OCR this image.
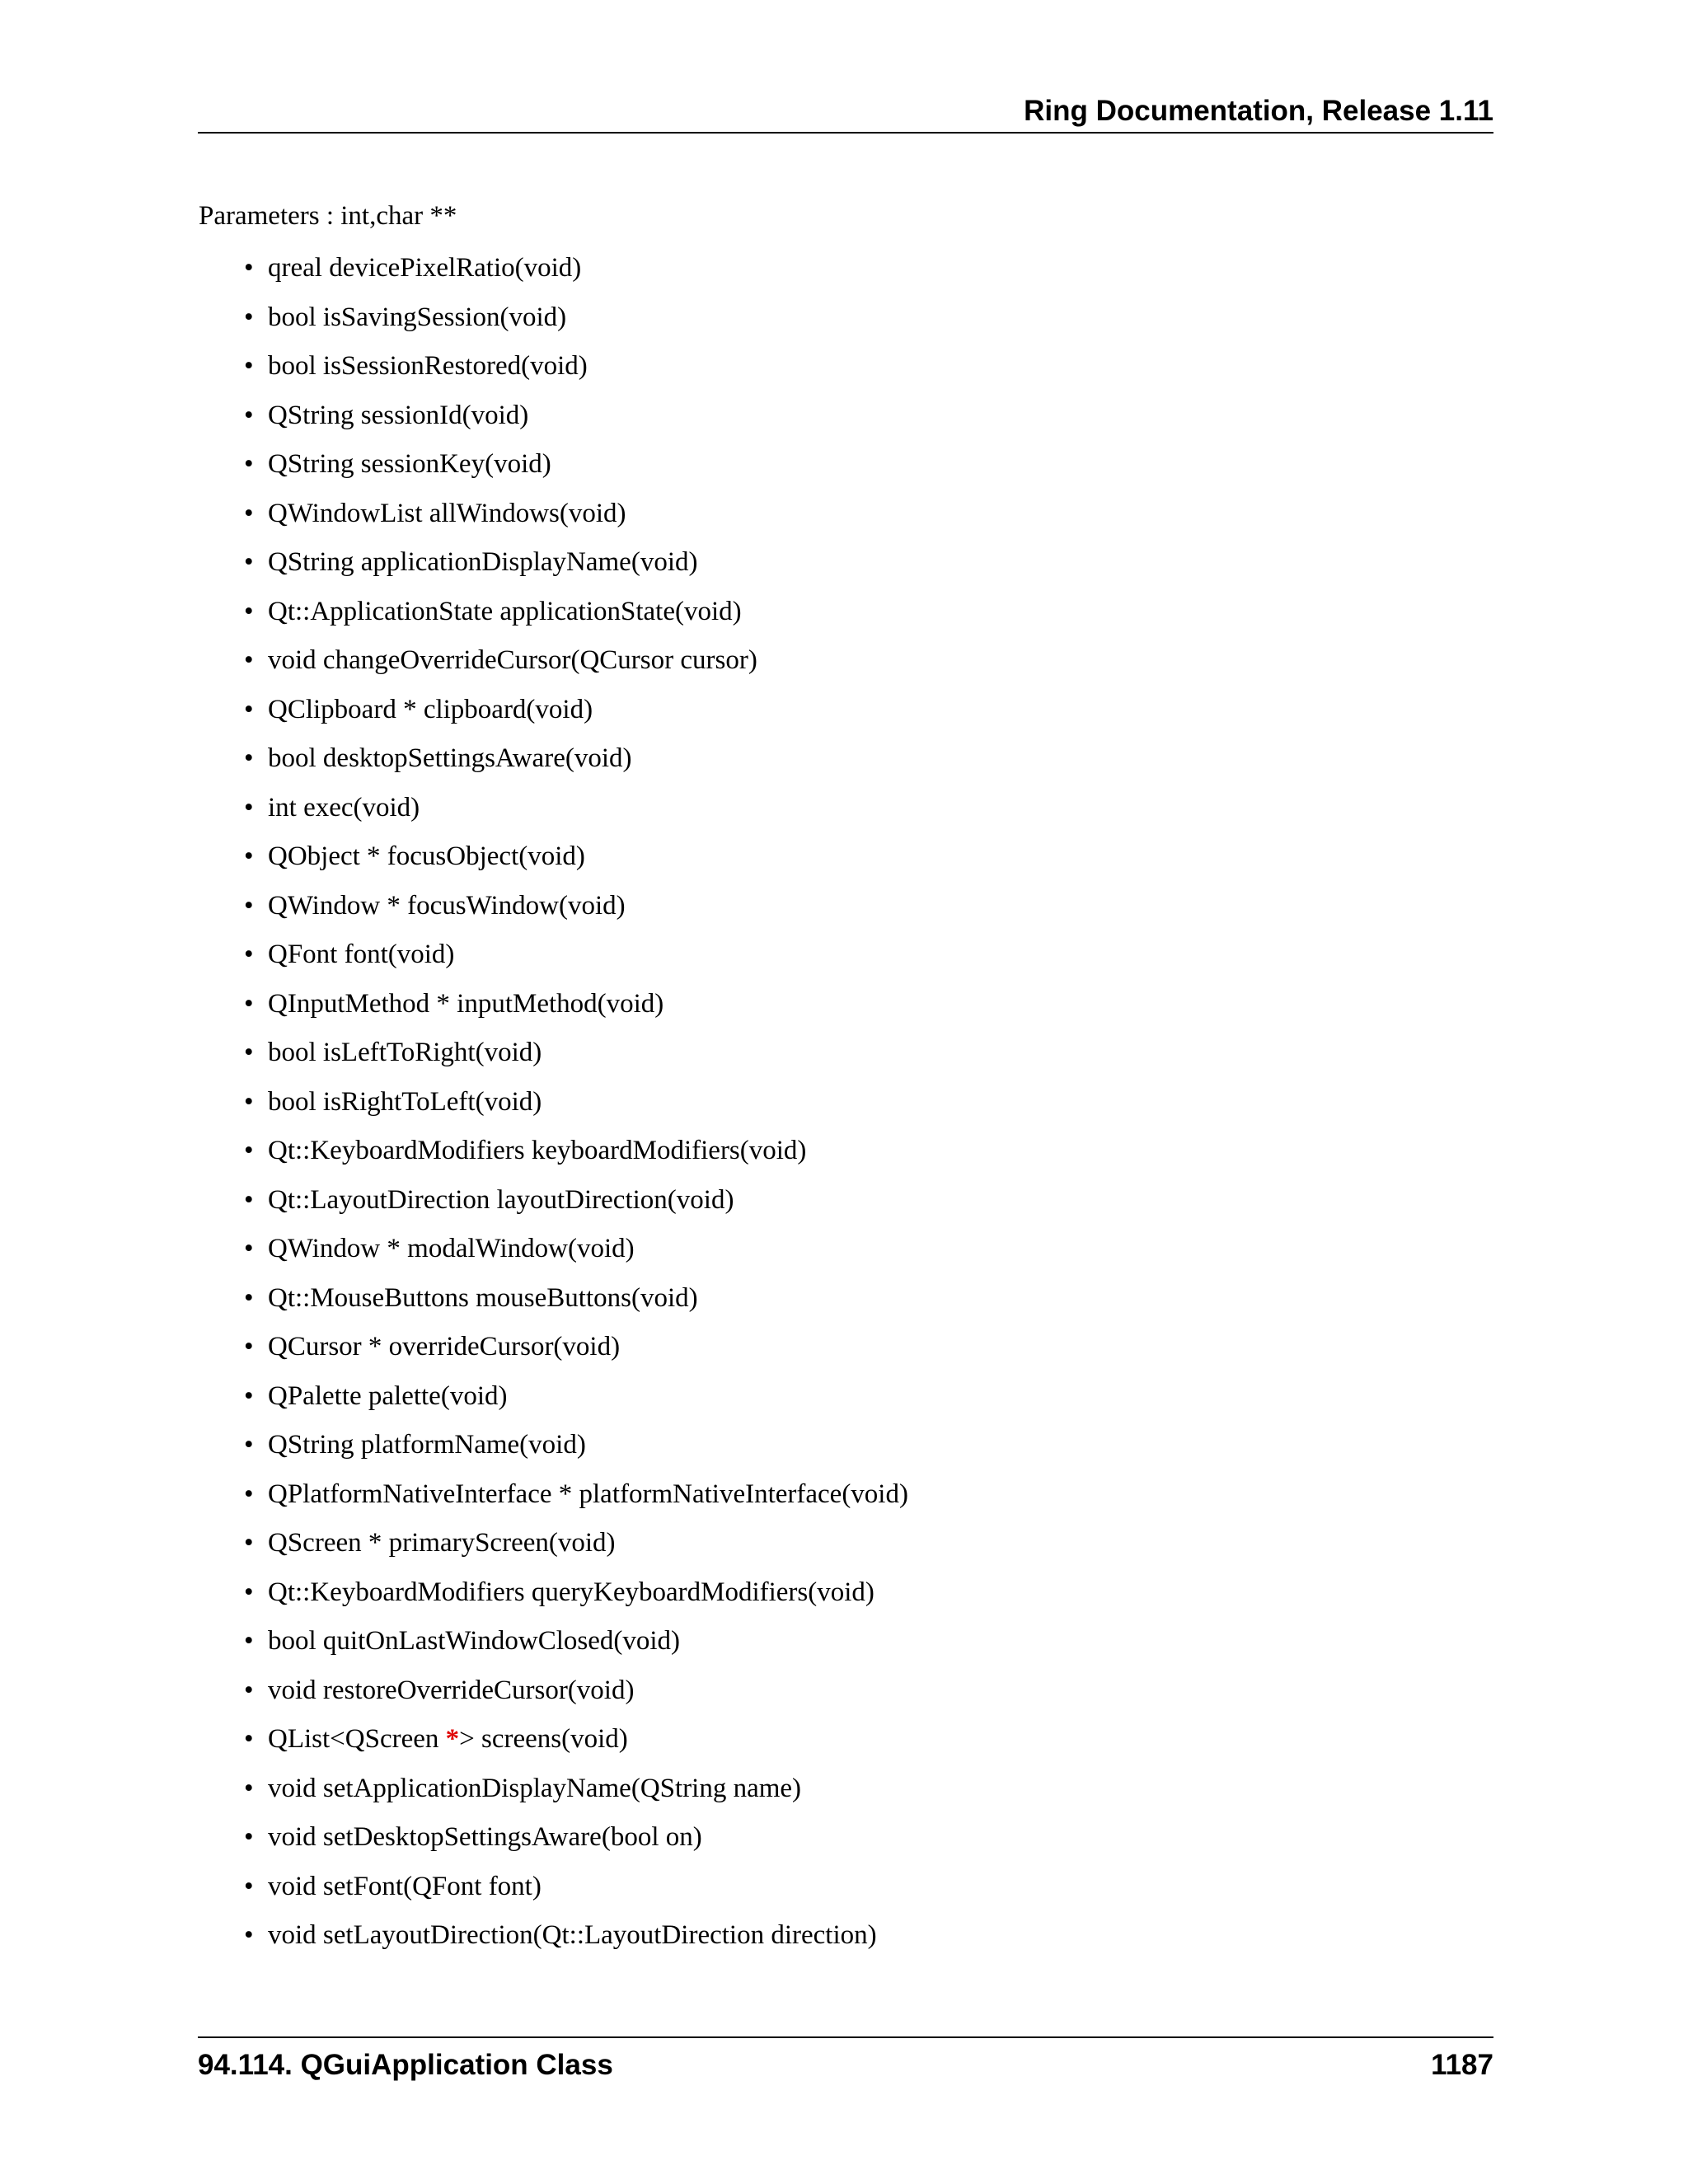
Ring Documentation, Release 1.11
Parameters : int,char **
• qreal devicePixelRatio(void)
• bool isSavingSession(void)
• bool isSessionRestored(void)
• QString sessionId(void)
• QString sessionKey(void)
• QWindowList allWindows(void)
• QString applicationDisplayName(void)
• Qt::ApplicationState applicationState(void)
• void changeOverrideCursor(QCursor cursor)
• QClipboard * clipboard(void)
• bool desktopSettingsAware(void)
• int exec(void)
• QObject * focusObject(void)
• QWindow * focusWindow(void)
• QFont font(void)
• QInputMethod * inputMethod(void)
• bool isLeftToRight(void)
• bool isRightToLeft(void)
• Qt::KeyboardModifiers keyboardModifiers(void)
• Qt::LayoutDirection layoutDirection(void)
• QWindow * modalWindow(void)
• Qt::MouseButtons mouseButtons(void)
• QCursor * overrideCursor(void)
• QPalette palette(void)
• QString platformName(void)
• QPlatformNativeInterface * platformNativeInterface(void)
• QScreen * primaryScreen(void)
• Qt::KeyboardModifiers queryKeyboardModifiers(void)
• bool quitOnLastWindowClosed(void)
• void restoreOverrideCursor(void)
• QList<QScreen *> screens(void)
• void setApplicationDisplayName(QString name)
• void setDesktopSettingsAware(bool on)
• void setFont(QFont font)
• void setLayoutDirection(Qt::LayoutDirection direction)
94.114. QGuiApplication Class	1187
